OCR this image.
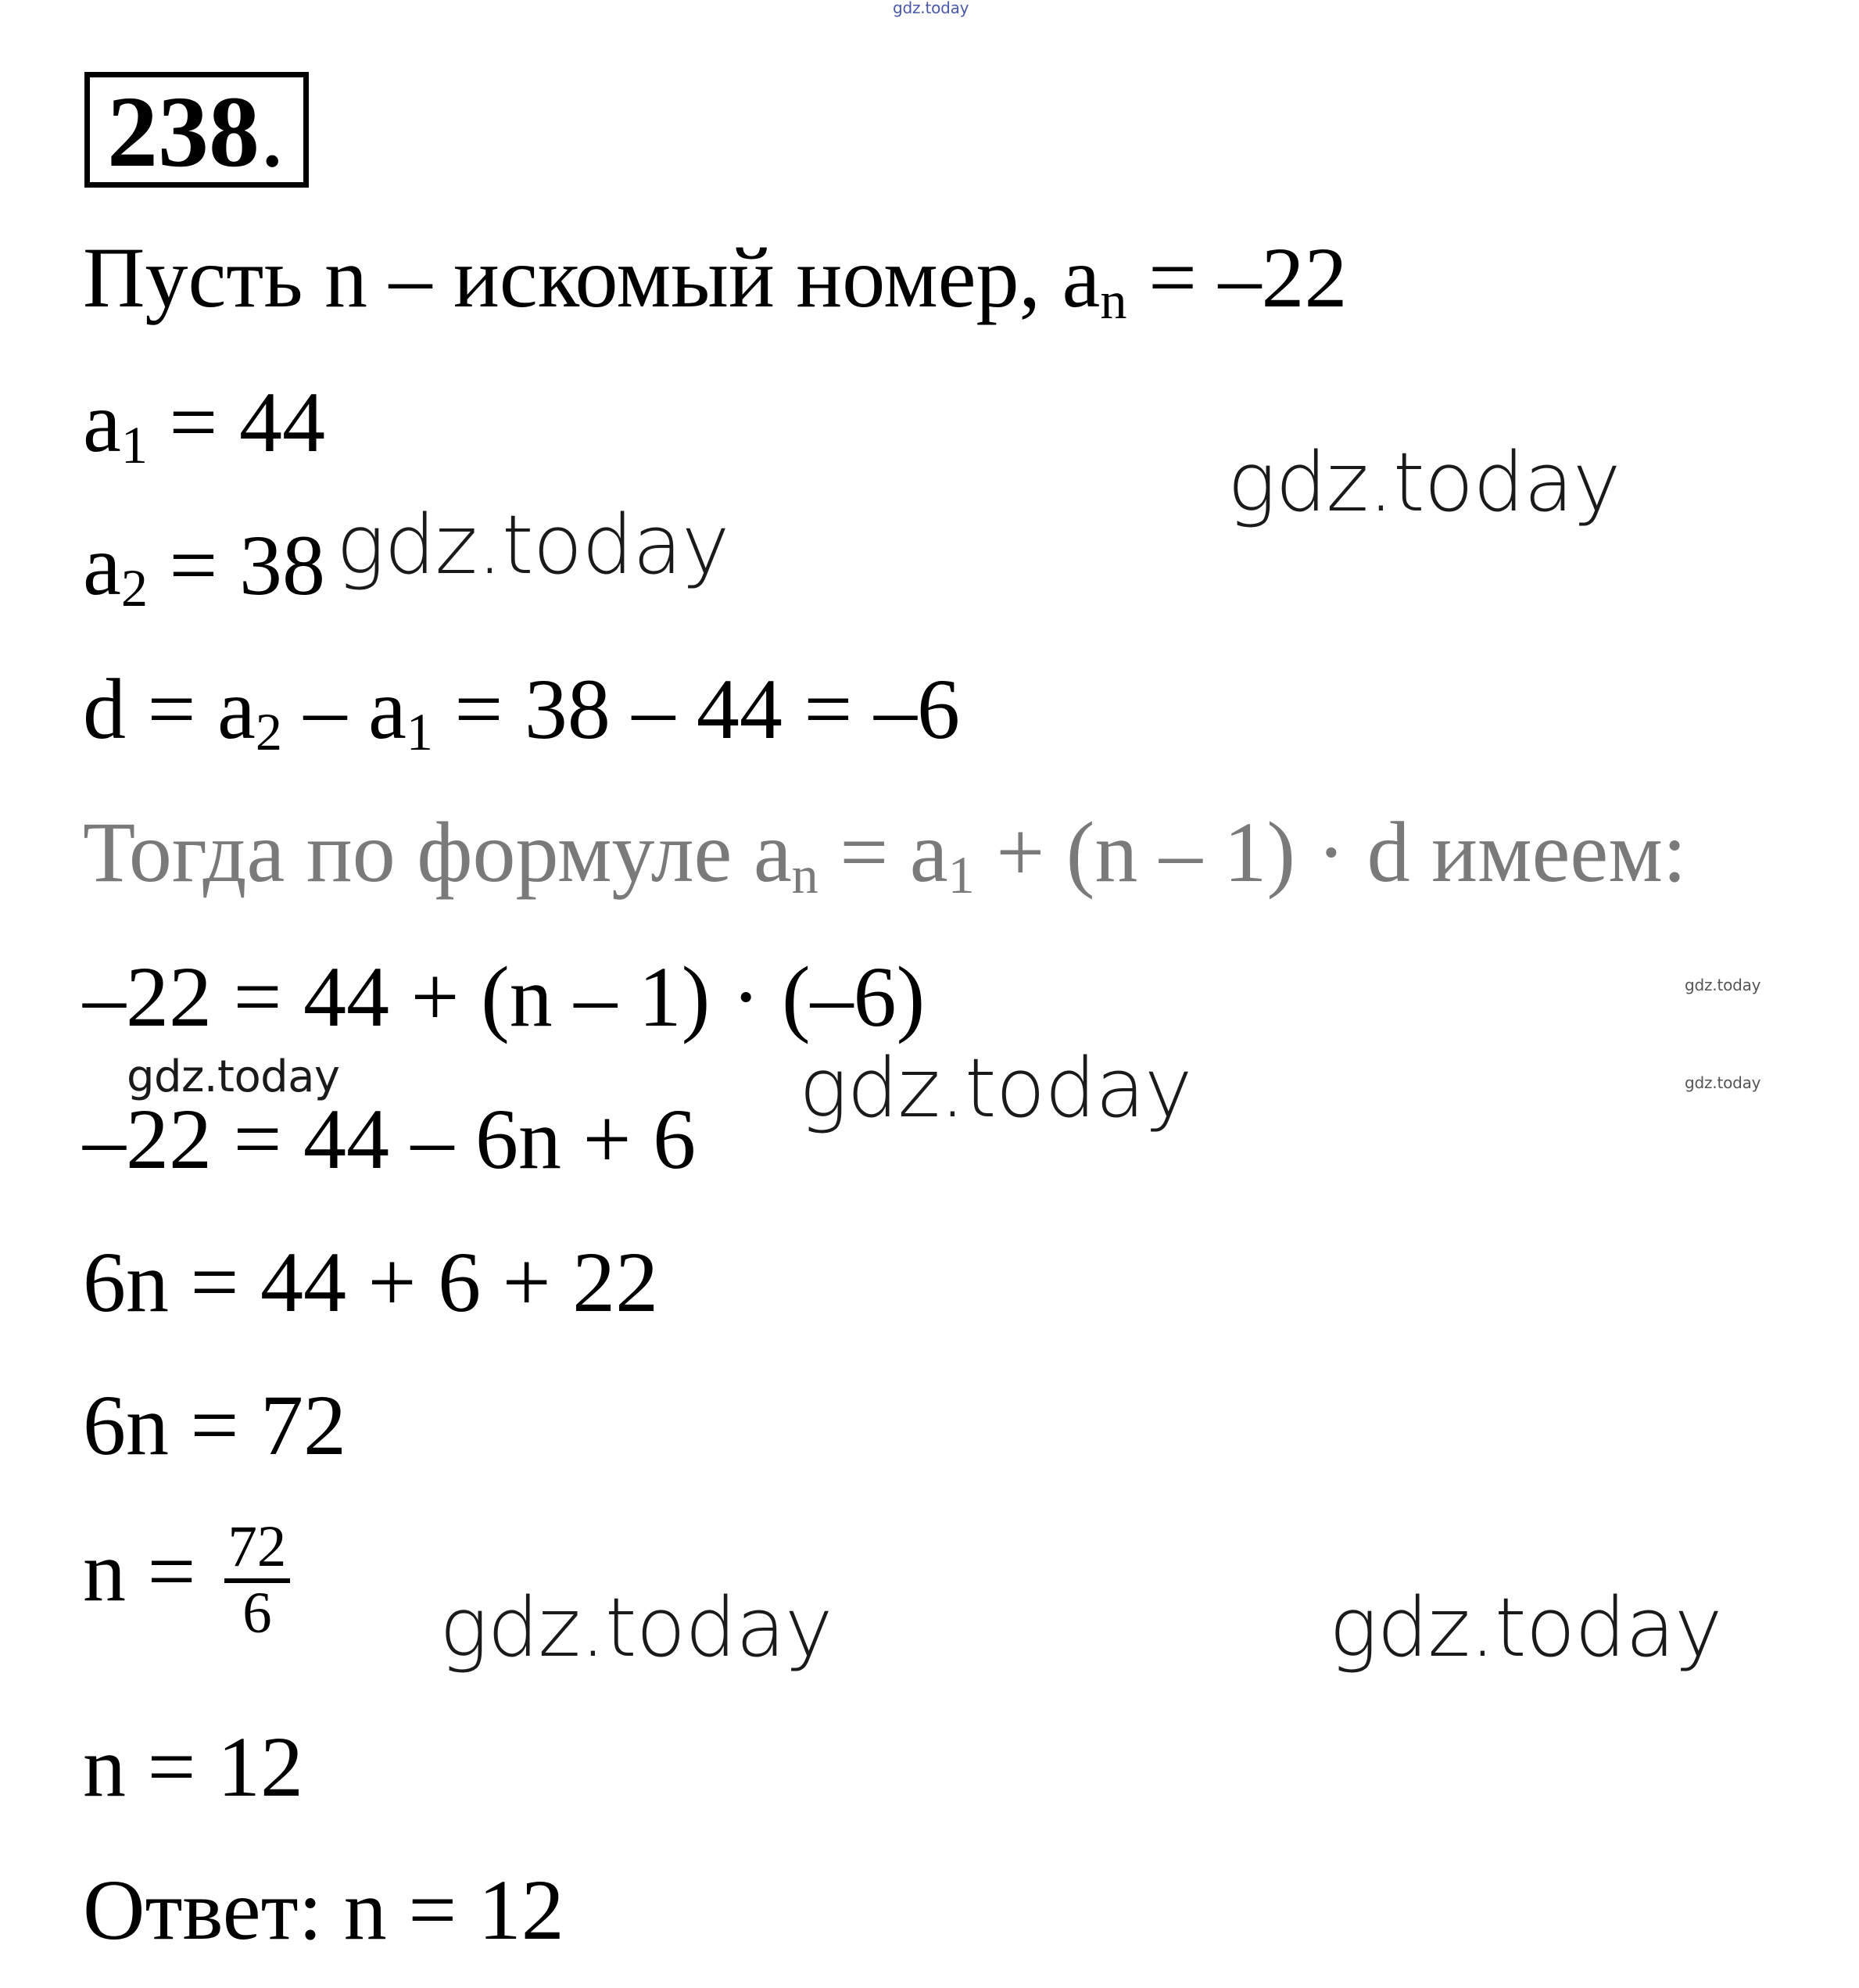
gdz.today
gdz.today
gdz.today
gdz.today
gdz.today
gdz.today	gdz.today
gdz.today	gdz.today
238.
Пусть n – искомый номер, $a_n = -22$
$a_1 = 44$
$a_2 = 38$
$d = a_2 - a_1 = 38 - 44 = -6$
Тогда по формуле $a_n = a_1 + (n - 1) \cdot d$ имеем:
–22 = 44 + (n – 1) · (–6)
–22 = 44 – 6n + 6
6n = 44 + 6 + 22
6n = 72
$n = \frac{72}{6}$
n = 12
Ответ: n = 12
